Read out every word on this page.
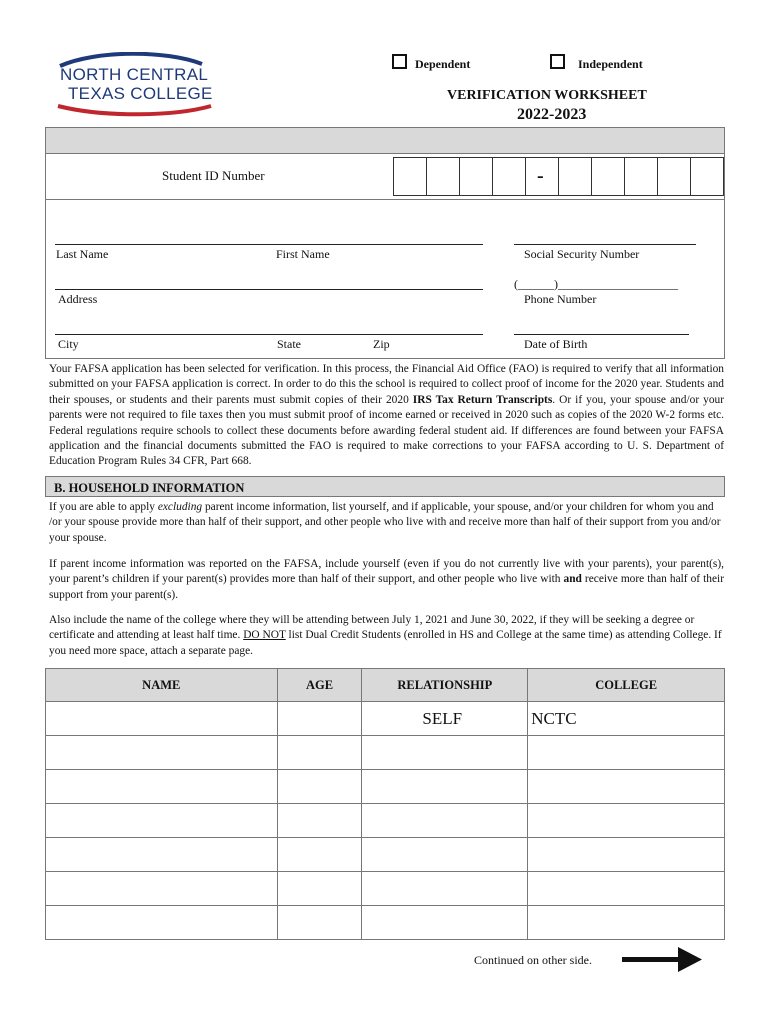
Dependent	Independent
NORTH CENTRAL
TEXAS COLLEGE	VERIFICATION WORKSHEET
2022-2023
Student ID Number	-
Last Name	First Name	Social Security Number
Address
(______)____________________
Phone Number
City	State	Zip	Date of Birth
Your FAFSA application has been selected for verification. In this process, the Financial Aid Office (FAO) is required to verify that all information submitted on your FAFSA application is correct. In order to do this the school is required to collect proof of income for the 2020 year. Students and their spouses, or students and their parents must submit copies of their 2020 IRS Tax Return Transcripts. Or if you, your spouse and/or your parents were not required to file taxes then you must submit proof of income earned or received in 2020 such as copies of the 2020 W-2 forms etc. Federal regulations require schools to collect these documents before awarding federal student aid. If differences are found between your FAFSA application and the financial documents submitted the FAO is required to make corrections to your FAFSA according to U. S. Department of Education Program Rules 34 CFR, Part 668.
B. HOUSEHOLD INFORMATION
If you are able to apply excluding parent income information, list yourself, and if applicable, your spouse, and/or your children for whom you and /or your spouse provide more than half of their support, and other people who live with and receive more than half of their support from you and/or your spouse.
If parent income information was reported on the FAFSA, include yourself (even if you do not currently live with your parents), your parent(s), your parent’s children if your parent(s) provides more than half of their support, and other people who live with and receive more than half of their support from your parent(s).
Also include the name of the college where they will be attending between July 1, 2021 and June 30, 2022, if they will be seeking a degree or certificate and attending at least half time. DO NOT list Dual Credit Students (enrolled in HS and College at the same time) as attending College. If you need more space, attach a separate page.
NAME	AGE	RELATIONSHIP	COLLEGE
		SELF	NCTC

Continued on other side.
